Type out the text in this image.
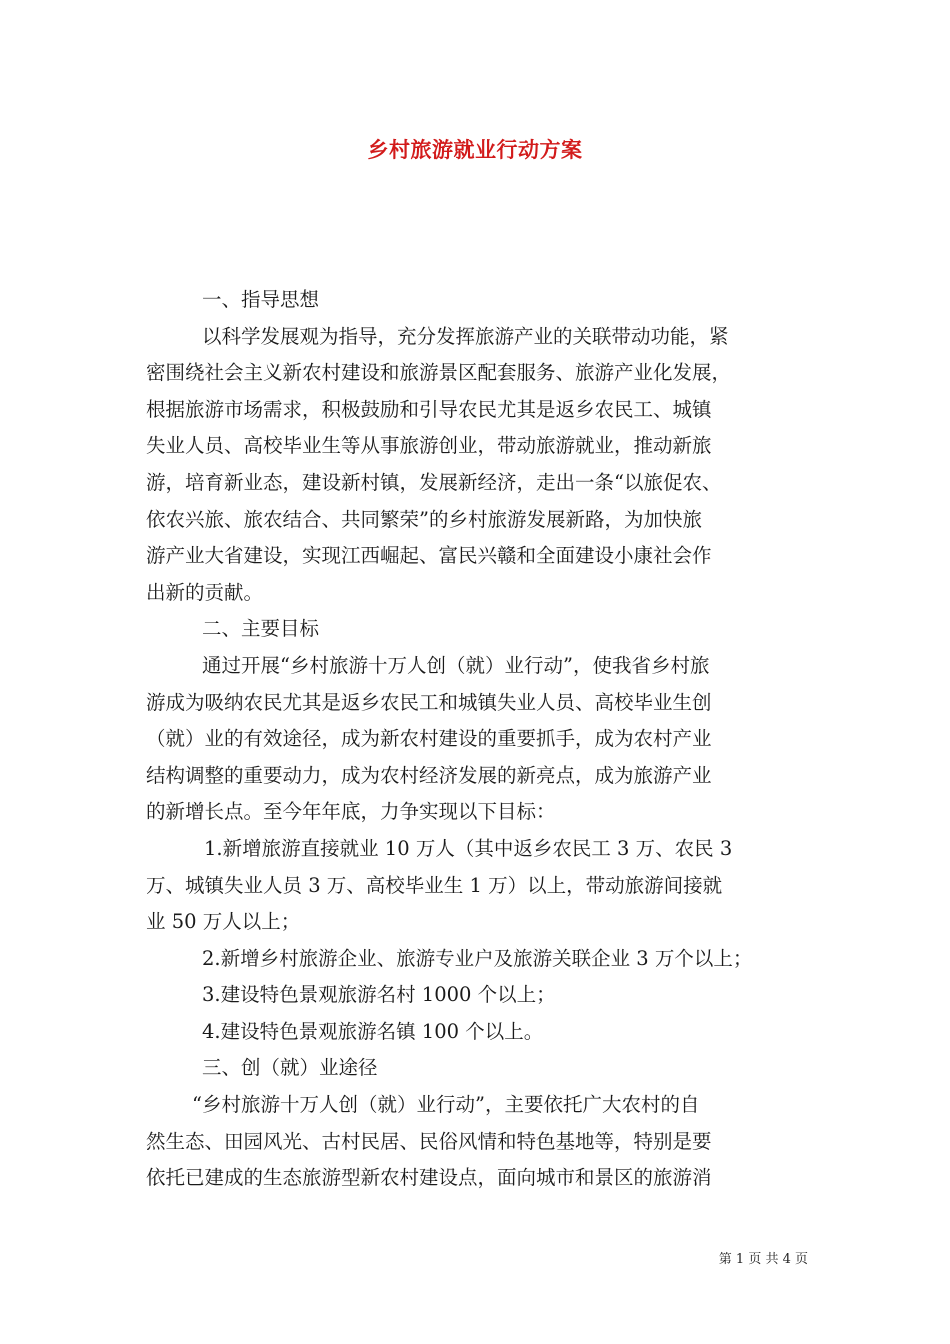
乡村旅游就业行动方案
一、指导思想
以科学发展观为指导，充分发挥旅游产业的关联带动功能，紧
密围绕社会主义新农村建设和旅游景区配套服务、旅游产业化发展，
根据旅游市场需求，积极鼓励和引导农民尤其是返乡农民工、城镇
失业人员、高校毕业生等从事旅游创业，带动旅游就业，推动新旅
游，培育新业态，建设新村镇，发展新经济，走出一条“以旅促农、
依农兴旅、旅农结合、共同繁荣”的乡村旅游发展新路，为加快旅
游产业大省建设，实现江西崛起、富民兴赣和全面建设小康社会作
出新的贡献。
二、主要目标
通过开展“乡村旅游十万人创（就）业行动”，使我省乡村旅
游成为吸纳农民尤其是返乡农民工和城镇失业人员、高校毕业生创
（就）业的有效途径，成为新农村建设的重要抓手，成为农村产业
结构调整的重要动力，成为农村经济发展的新亮点，成为旅游产业
的新增长点。至今年年底，力争实现以下目标：
1.新增旅游直接就业 10 万人（其中返乡农民工 3 万、农民 3
万、城镇失业人员 3 万、高校毕业生 1 万）以上，带动旅游间接就
业 50 万人以上；
2.新增乡村旅游企业、旅游专业户及旅游关联企业 3 万个以上；
3.建设特色景观旅游名村 1000 个以上；
4.建设特色景观旅游名镇 100 个以上。
三、创（就）业途径
“乡村旅游十万人创（就）业行动”，主要依托广大农村的自
然生态、田园风光、古村民居、民俗风情和特色基地等，特别是要
依托已建成的生态旅游型新农村建设点，面向城市和景区的旅游消
第 1 页 共 4 页
